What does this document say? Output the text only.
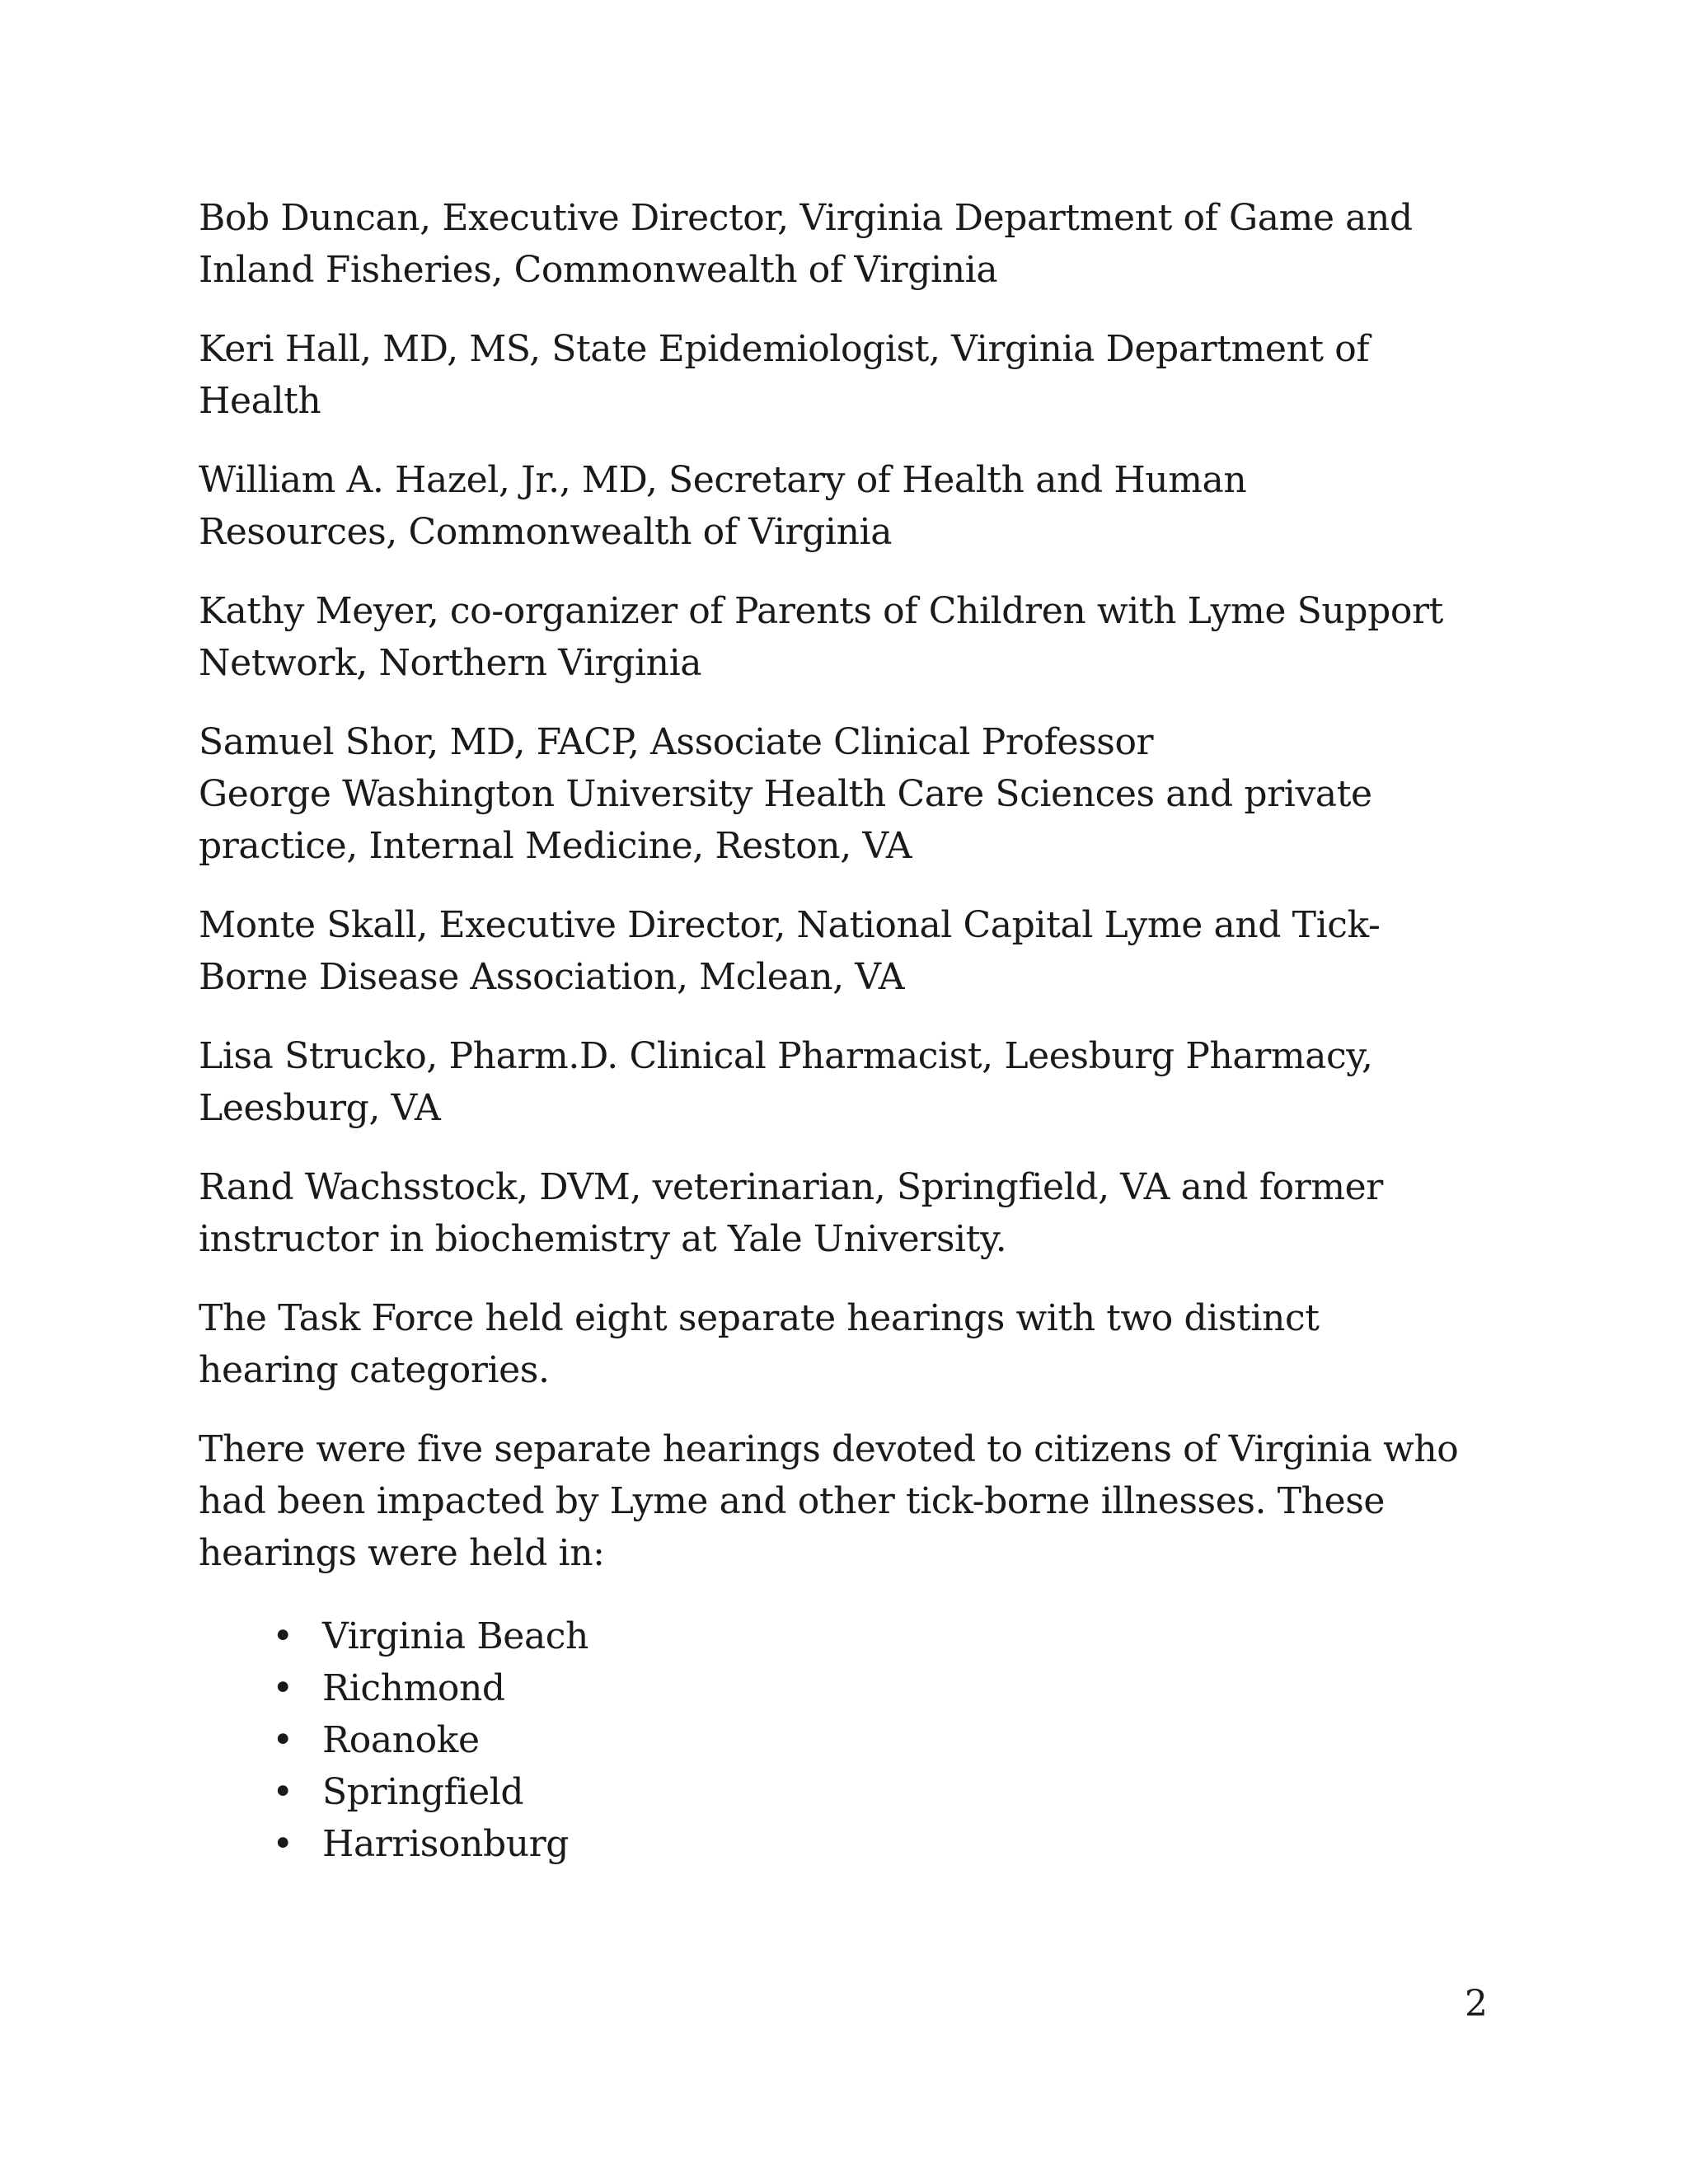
Bob Duncan, Executive Director, Virginia Department of Game and
Inland Fisheries, Commonwealth of Virginia

Keri Hall, MD, MS, State Epidemiologist, Virginia Department of
Health

William A. Hazel, Jr., MD, Secretary of Health and Human
Resources, Commonwealth of Virginia

Kathy Meyer, co-organizer of Parents of Children with Lyme Support
Network, Northern Virginia

Samuel Shor, MD, FACP, Associate Clinical Professor
George Washington University Health Care Sciences and private
practice, Internal Medicine, Reston, VA

Monte Skall, Executive Director, National Capital Lyme and Tick-
Borne Disease Association, Mclean, VA

Lisa Strucko, Pharm.D. Clinical Pharmacist, Leesburg Pharmacy,
Leesburg, VA

Rand Wachsstock, DVM, veterinarian, Springfield, VA and former
instructor in biochemistry at Yale University.

The Task Force held eight separate hearings with two distinct
hearing categories.

There were five separate hearings devoted to citizens of Virginia who
had been impacted by Lyme and other tick-borne illnesses. These
hearings were held in:

• Virginia Beach
• Richmond
• Roanoke
• Springfield
• Harrisonburg
2
